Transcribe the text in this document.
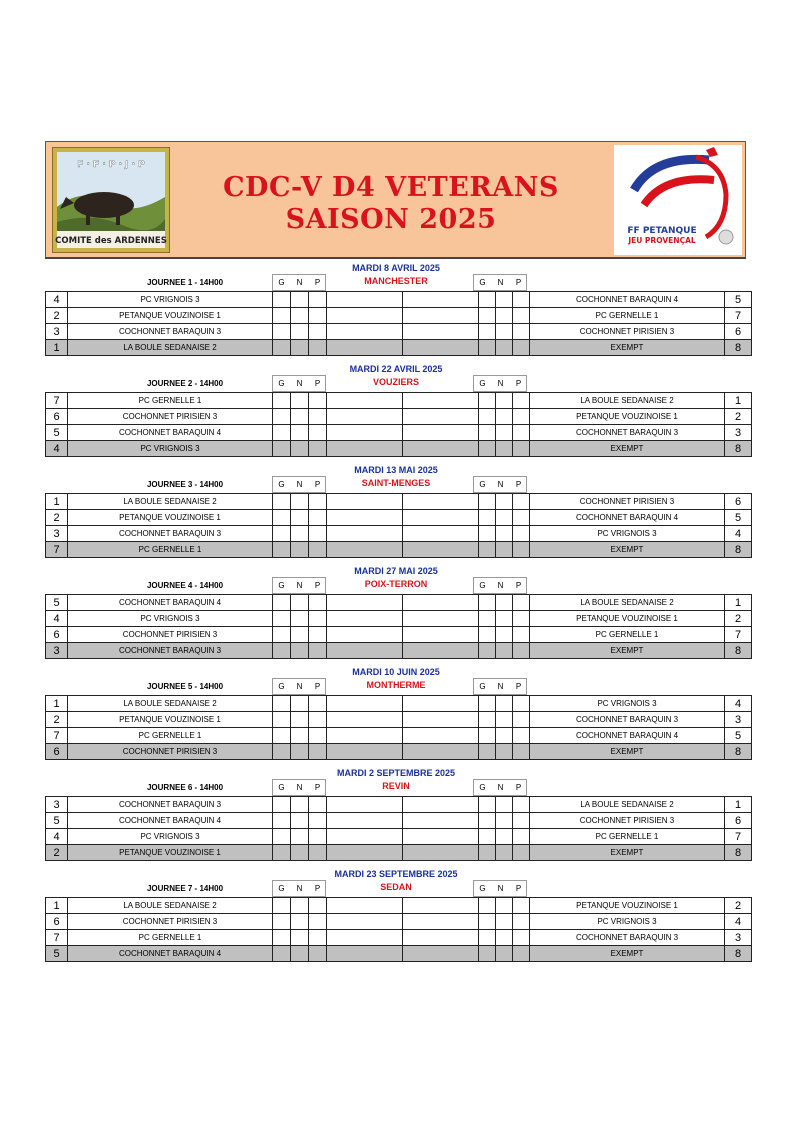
F · F · P · J · P
COMITE des ARDENNES
CDC-V D4 VETERANS
SAISON 2025	FF PETANQUE
JEU PROVENÇAL
MARDI 8 AVRIL 2025
JOURNEE 1 - 14H00	G	N	P	G	N	P
MANCHESTER
4	PC VRIGNOIS 3									COCHONNET BARAQUIN 4	5
2	PETANQUE VOUZINOISE 1									PC GERNELLE 1	7
3	COCHONNET BARAQUIN 3									COCHONNET PIRISIEN 3	6
1	LA BOULE SEDANAISE 2									EXEMPT	8
MARDI 22 AVRIL 2025
JOURNEE 2 - 14H00	G	N	P	G	N	P
VOUZIERS
7	PC GERNELLE 1									LA BOULE SEDANAISE 2	1
6	COCHONNET PIRISIEN 3									PETANQUE VOUZINOISE 1	2
5	COCHONNET BARAQUIN 4									COCHONNET BARAQUIN 3	3
4	PC VRIGNOIS 3									EXEMPT	8
MARDI 13 MAI 2025
JOURNEE 3 - 14H00	G	N	P	G	N	P
SAINT-MENGES
1	LA BOULE SEDANAISE 2									COCHONNET PIRISIEN 3	6
2	PETANQUE VOUZINOISE 1									COCHONNET BARAQUIN 4	5
3	COCHONNET BARAQUIN 3									PC VRIGNOIS 3	4
7	PC GERNELLE 1									EXEMPT	8
MARDI 27 MAI 2025
JOURNEE 4 - 14H00	G	N	P	G	N	P
POIX-TERRON
5	COCHONNET BARAQUIN 4									LA BOULE SEDANAISE 2	1
4	PC VRIGNOIS 3									PETANQUE VOUZINOISE 1	2
6	COCHONNET PIRISIEN 3									PC GERNELLE 1	7
3	COCHONNET BARAQUIN 3									EXEMPT	8
MARDI 10 JUIN 2025
JOURNEE 5 - 14H00	G	N	P	G	N	P
MONTHERME
1	LA BOULE SEDANAISE 2									PC VRIGNOIS 3	4
2	PETANQUE VOUZINOISE 1									COCHONNET BARAQUIN 3	3
7	PC GERNELLE 1									COCHONNET BARAQUIN 4	5
6	COCHONNET PIRISIEN 3									EXEMPT	8
MARDI 2 SEPTEMBRE 2025
JOURNEE 6 - 14H00	G	N	P	G	N	P
REVIN
3	COCHONNET BARAQUIN 3									LA BOULE SEDANAISE 2	1
5	COCHONNET BARAQUIN 4									COCHONNET PIRISIEN 3	6
4	PC VRIGNOIS 3									PC GERNELLE 1	7
2	PETANQUE VOUZINOISE 1									EXEMPT	8
MARDI 23 SEPTEMBRE 2025
JOURNEE 7 - 14H00	G	N	P	G	N	P
SEDAN
1	LA BOULE SEDANAISE 2									PETANQUE VOUZINOISE 1	2
6	COCHONNET PIRISIEN 3									PC VRIGNOIS 3	4
7	PC GERNELLE 1									COCHONNET BARAQUIN 3	3
5	COCHONNET BARAQUIN 4									EXEMPT	8
